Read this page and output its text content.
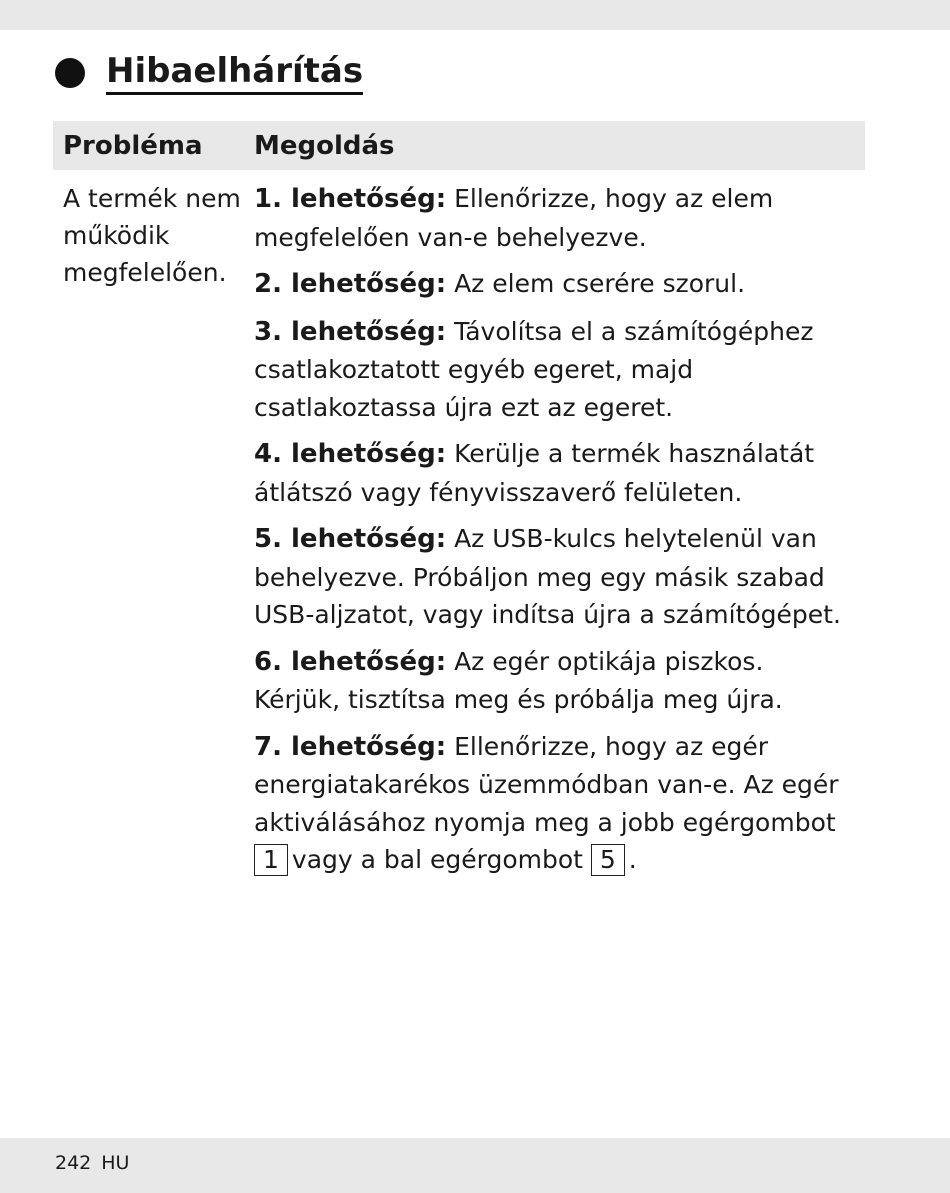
Hibaelhárítás
Probléma Megoldás
A termék nem működik megfelelően.
1. lehetőség: Ellenőrizze, hogy az elem megfelelően van-e behelyezve.
2. lehetőség: Az elem cserére szorul.
3. lehetőség: Távolítsa el a számítógéphez csatlakoztatott egyéb egeret, majd csatlakoztassa újra ezt az egeret.
4. lehetőség: Kerülje a termék használatát átlátszó vagy fényvisszaverő felületen.
5. lehetőség: Az USB-kulcs helytelenül van behelyezve. Próbáljon meg egy másik szabad USB-aljzatot, vagy indítsa újra a számítógépet.
6. lehetőség: Az egér optikája piszkos. Kérjük, tisztítsa meg és próbálja meg újra.
7. lehetőség: Ellenőrizze, hogy az egér energiatakarékos üzemmódban van-e. Az egér aktiválásához nyomja meg a jobb egérgombot 1 vagy a bal egérgombot 5 .
242 HU
